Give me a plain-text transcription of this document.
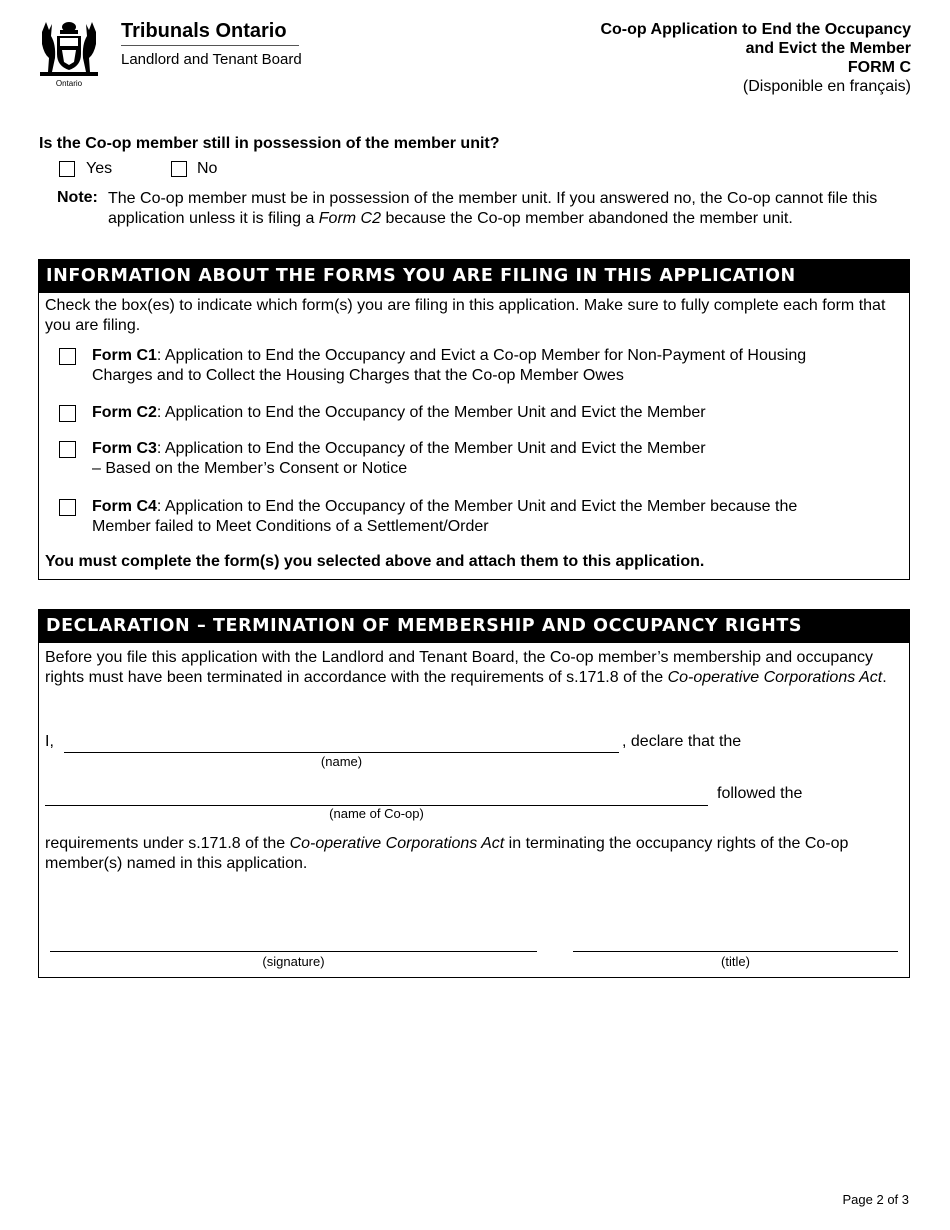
Ontario
Tribunals Ontario
Landlord and Tenant Board
Co-op Application to End the Occupancy
and Evict the Member
FORM C
(Disponible en français)
Is the Co-op member still in possession of the member unit?
Yes	No
Note: The Co-op member must be in possession of the member unit. If you answered no, the Co-op cannot file this application unless it is filing a Form C2 because the Co-op member abandoned the member unit.
INFORMATION ABOUT THE FORMS YOU ARE FILING IN THIS APPLICATION
Check the box(es) to indicate which form(s) you are filing in this application. Make sure to fully complete each form that you are filing.
Form C1: Application to End the Occupancy and Evict a Co-op Member for Non-Payment of Housing
Charges and to Collect the Housing Charges that the Co-op Member Owes
Form C2: Application to End the Occupancy of the Member Unit and Evict the Member
Form C3: Application to End the Occupancy of the Member Unit and Evict the Member
– Based on the Member’s Consent or Notice
Form C4: Application to End the Occupancy of the Member Unit and Evict the Member because the
Member failed to Meet Conditions of a Settlement/Order
You must complete the form(s) you selected above and attach them to this application.
DECLARATION – TERMINATION OF MEMBERSHIP AND OCCUPANCY RIGHTS
Before you file this application with the Landlord and Tenant Board, the Co-op member’s membership and occupancy rights must have been terminated in accordance with the requirements of s.171.8 of the Co-operative Corporations Act.
I,	, declare that the
(name)
followed the
(name of Co-op)
requirements under s.171.8 of the Co-operative Corporations Act in terminating the occupancy rights of the Co-op member(s) named in this application.
(signature)	(title)
Page 2 of 3
